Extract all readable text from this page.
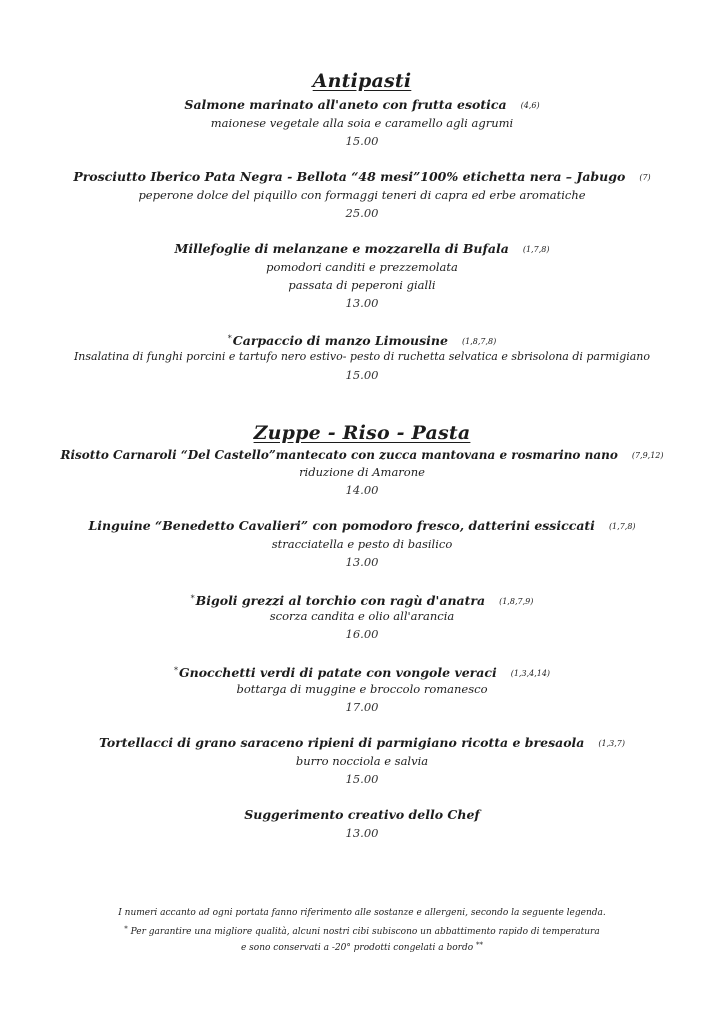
Antipasti
Salmone marinato all'aneto con frutta esotica (4,6)
maionese vegetale alla soia e caramello agli agrumi
15.00
Prosciutto Iberico Pata Negra - Bellota “48 mesi”100% etichetta nera – Jabugo (7)
peperone dolce del piquillo con formaggi teneri di capra ed erbe aromatiche
25.00
Millefoglie di melanzane e mozzarella di Bufala (1,7,8)
pomodori canditi e prezzemolata
passata di peperoni gialli
13.00
*Carpaccio di manzo Limousine (1,8,7,8)
Insalatina di funghi porcini e tartufo nero estivo- pesto di ruchetta selvatica e sbrisolona di parmigiano
15.00
Zuppe - Riso - Pasta
Risotto Carnaroli “Del Castello”mantecato con zucca mantovana e rosmarino nano (7,9,12)
riduzione di Amarone
14.00
Linguine “Benedetto Cavalieri” con pomodoro fresco, datterini essiccati (1,7,8)
stracciatella e pesto di basilico
13.00
*Bigoli grezzi al torchio con ragù d'anatra (1,8,7,9)
scorza candita e olio all'arancia
16.00
*Gnocchetti verdi di patate con vongole veraci (1,3,4,14)
bottarga di muggine e broccolo romanesco
17.00
Tortellacci di grano saraceno ripieni di parmigiano ricotta e bresaola (1,3,7)
burro nocciola e salvia
15.00
Suggerimento creativo dello Chef
13.00
I numeri accanto ad ogni portata fanno riferimento alle sostanze e allergeni, secondo la seguente legenda.
* Per garantire una migliore qualità, alcuni nostri cibi subiscono un abbattimento rapido di temperatura
e sono conservati a -20° prodotti congelati a bordo **
